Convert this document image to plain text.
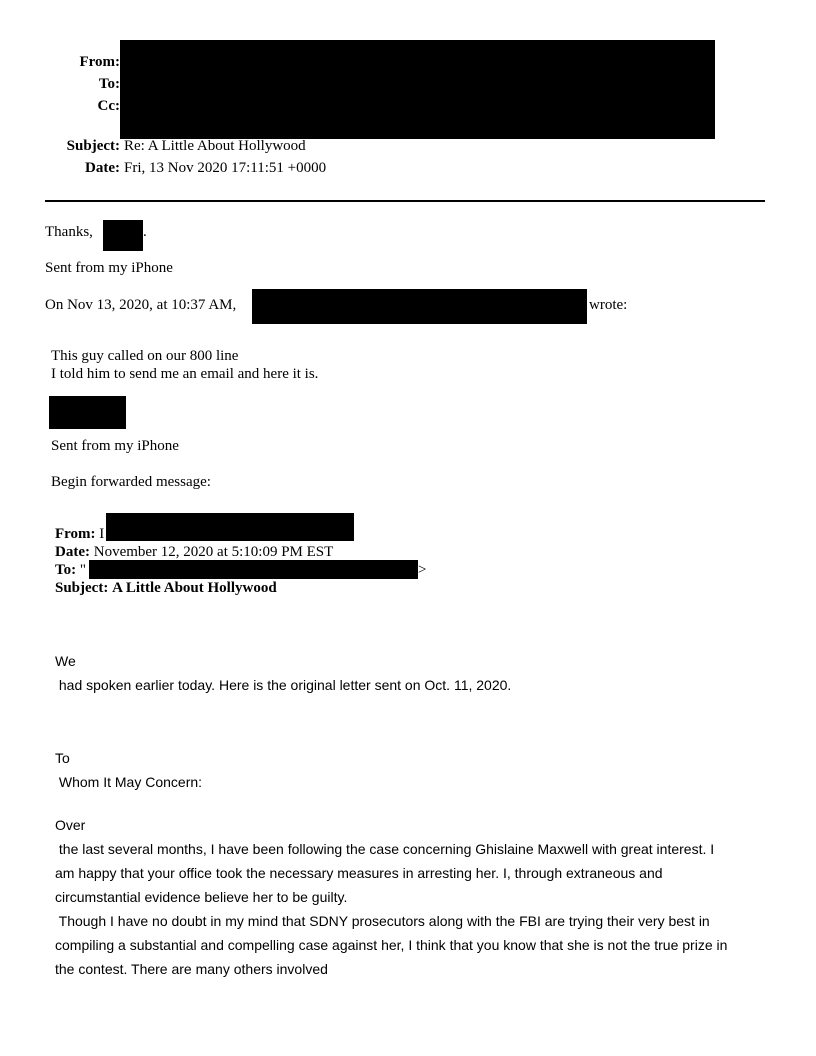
From:
To:
Cc:
Subject: Re: A Little About Hollywood
Date: Fri, 13 Nov 2020 17:11:51 +0000
Thanks,	.
Sent from my iPhone
On Nov 13, 2020, at 10:37 AM,	wrote:
This guy called on our 800 line
I told him to send me an email and here it is.
Sent from my iPhone
Begin forwarded message:
From: I
Date: November 12, 2020 at 5:10:09 PM EST
To: "	>
Subject: A Little About Hollywood
We
had spoken earlier today. Here is the original letter sent on Oct. 11, 2020.
To
Whom It May Concern:
Over
the last several months, I have been following the case concerning Ghislaine Maxwell with great interest. I
am happy that your office took the necessary measures in arresting her. I, through extraneous and
circumstantial evidence believe her to be guilty.
Though I have no doubt in my mind that SDNY prosecutors along with the FBI are trying their very best in
compiling a substantial and compelling case against her, I think that you know that she is not the true prize in
the contest. There are many others involved
